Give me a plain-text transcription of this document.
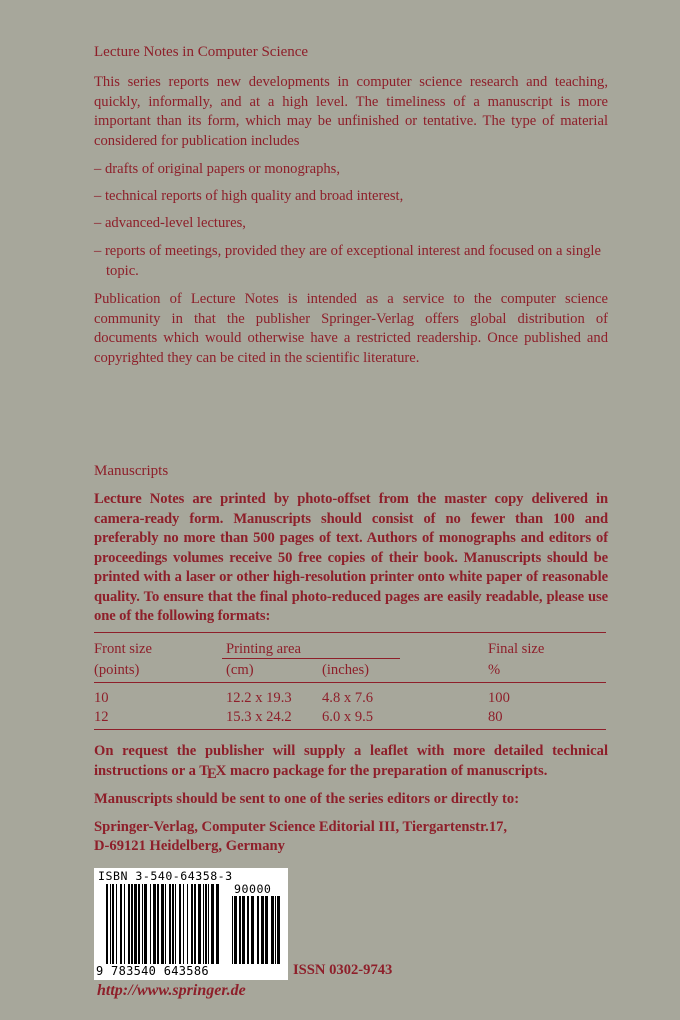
Lecture Notes in Computer Science

This series reports new developments in computer science research and teaching, quickly, informally, and at a high level. The timeliness of a manuscript is more important than its form, which may be unfinished or tentative. The type of material considered for publication includes

– drafts of original papers or monographs,
– technical reports of high quality and broad interest,
– advanced-level lectures,
– reports of meetings, provided they are of exceptional interest and focused on a single topic.

Publication of Lecture Notes is intended as a service to the computer science community in that the publisher Springer-Verlag offers global distribution of documents which would otherwise have a restricted readership. Once published and copyrighted they can be cited in the scientific literature.

Manuscripts

Lecture Notes are printed by photo-offset from the master copy delivered in camera-ready form. Manuscripts should consist of no fewer than 100 and preferably no more than 500 pages of text. Authors of monographs and editors of proceedings volumes receive 50 free copies of their book. Manuscripts should be printed with a laser or other high-resolution printer onto white paper of reasonable quality. To ensure that the final photo-reduced pages are easily readable, please use one of the following formats:

Front size	Printing area	Final size
(points)	(cm)	(inches)	%
10	12.2 x 19.3 4.8 x 7.6	100
12	15.3 x 24.2 6.0 x 9.5	80

On request the publisher will supply a leaflet with more detailed technical instructions or a TEX macro package for the preparation of manuscripts.

Manuscripts should be sent to one of the series editors or directly to:
Springer-Verlag, Computer Science Editorial III, Tiergartenstr.17,
D-69121 Heidelberg, Germany
ISBN 3-540-64358-3
90000
9 783540 643586	ISSN 0302-9743
http://www.springer.de
